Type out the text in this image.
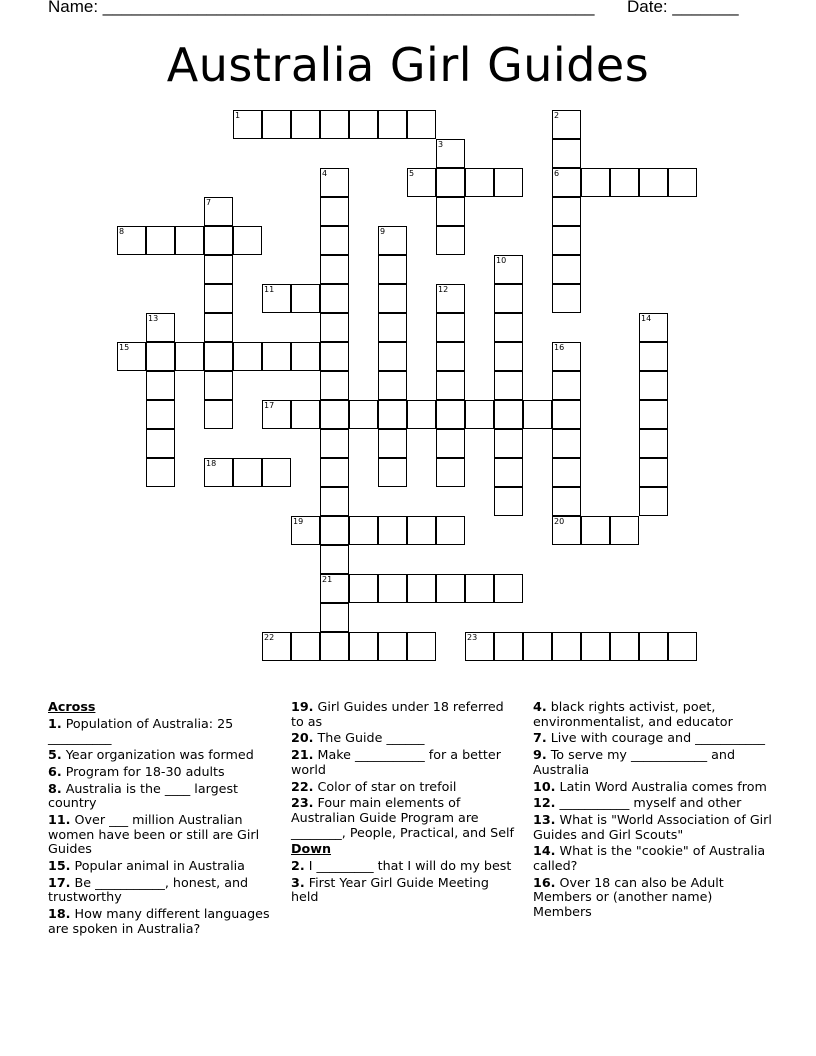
Name: ____________________________________________________ Date: _______
Australia Girl Guides
1	2
6
3
4
21
5
7
8	9
10
11	12
13	14
15	16
20
17
18
19
22	23
Across
1. Population of Australia: 25 __________
5. Year organization was formed
6. Program for 18-30 adults
8. Australia is the ____ largest country
11. Over ___ million Australian women have been or still are Girl Guides
15. Popular animal in Australia
17. Be ___________, honest, and trustworthy
18. How many different languages are spoken in Australia?
19. Girl Guides under 18 referred to as
20. The Guide ______
21. Make ___________ for a better world
22. Color of star on trefoil
23. Four main elements of Australian Guide Program are ________, People, Practical, and Self
Down
2. I _________ that I will do my best
3. First Year Girl Guide Meeting held
4. black rights activist, poet, environmentalist, and educator
7. Live with courage and ___________
9. To serve my ____________ and Australia
10. Latin Word Australia comes from
12. ___________ myself and other
13. What is "World Association of Girl Guides and Girl Scouts"
14. What is the "cookie" of Australia called?
16. Over 18 can also be Adult Members or (another name) Members
